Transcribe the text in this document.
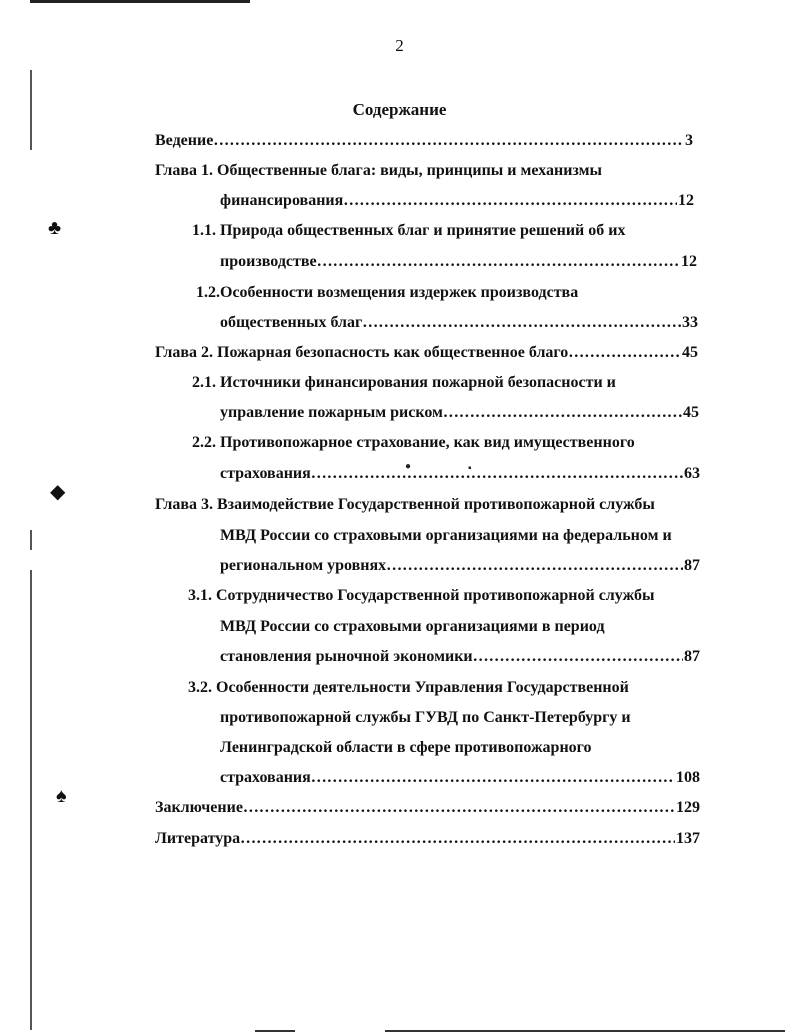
♣
◆
♠
●	▪
2
Содержание
Ведение ……………………………………………………………………………………………………………………………………	3
Глава 1. Общественные блага: виды, принципы и механизмы
финансирования… ……………………………………………………………………………………………………………………………………	12
1.1. Природа общественных благ и принятие решений об их
производстве……… ……………………………………………………………………………………………………………………………………	12
1.2.Особенности возмещения издержек производства
общественных благ ……………………………………………………………………………………………………………………………………	33
Глава 2. Пожарная безопасность как общественное благо ……………………………………………………………………………………………………………………………………	45
2.1. Источники финансирования пожарной безопасности и
управление пожарным риском ……………………………………………………………………………………………………………………………………	45
2.2. Противопожарное страхование, как вид имущественного
страхования ……………………………………………………………………………………………………………………………………	63
Глава 3. Взаимодействие Государственной противопожарной службы
МВД России со страховыми организациями на федеральном и
региональном уровнях ……………………………………………………………………………………………………………………………………	87
3.1. Сотрудничество Государственной противопожарной службы
МВД России со страховыми организациями в период
становления рыночной экономики ……………………………………………………………………………………………………………………………………	87
3.2. Особенности деятельности Управления Государственной
противопожарной службы ГУВД по Санкт-Петербургу и
Ленинградской области в сфере противопожарного
страхования ……………………………………………………………………………………………………………………………………	108
Заключение ……………………………………………………………………………………………………………………………………	129
Литература ……………………………………………………………………………………………………………………………………	137
